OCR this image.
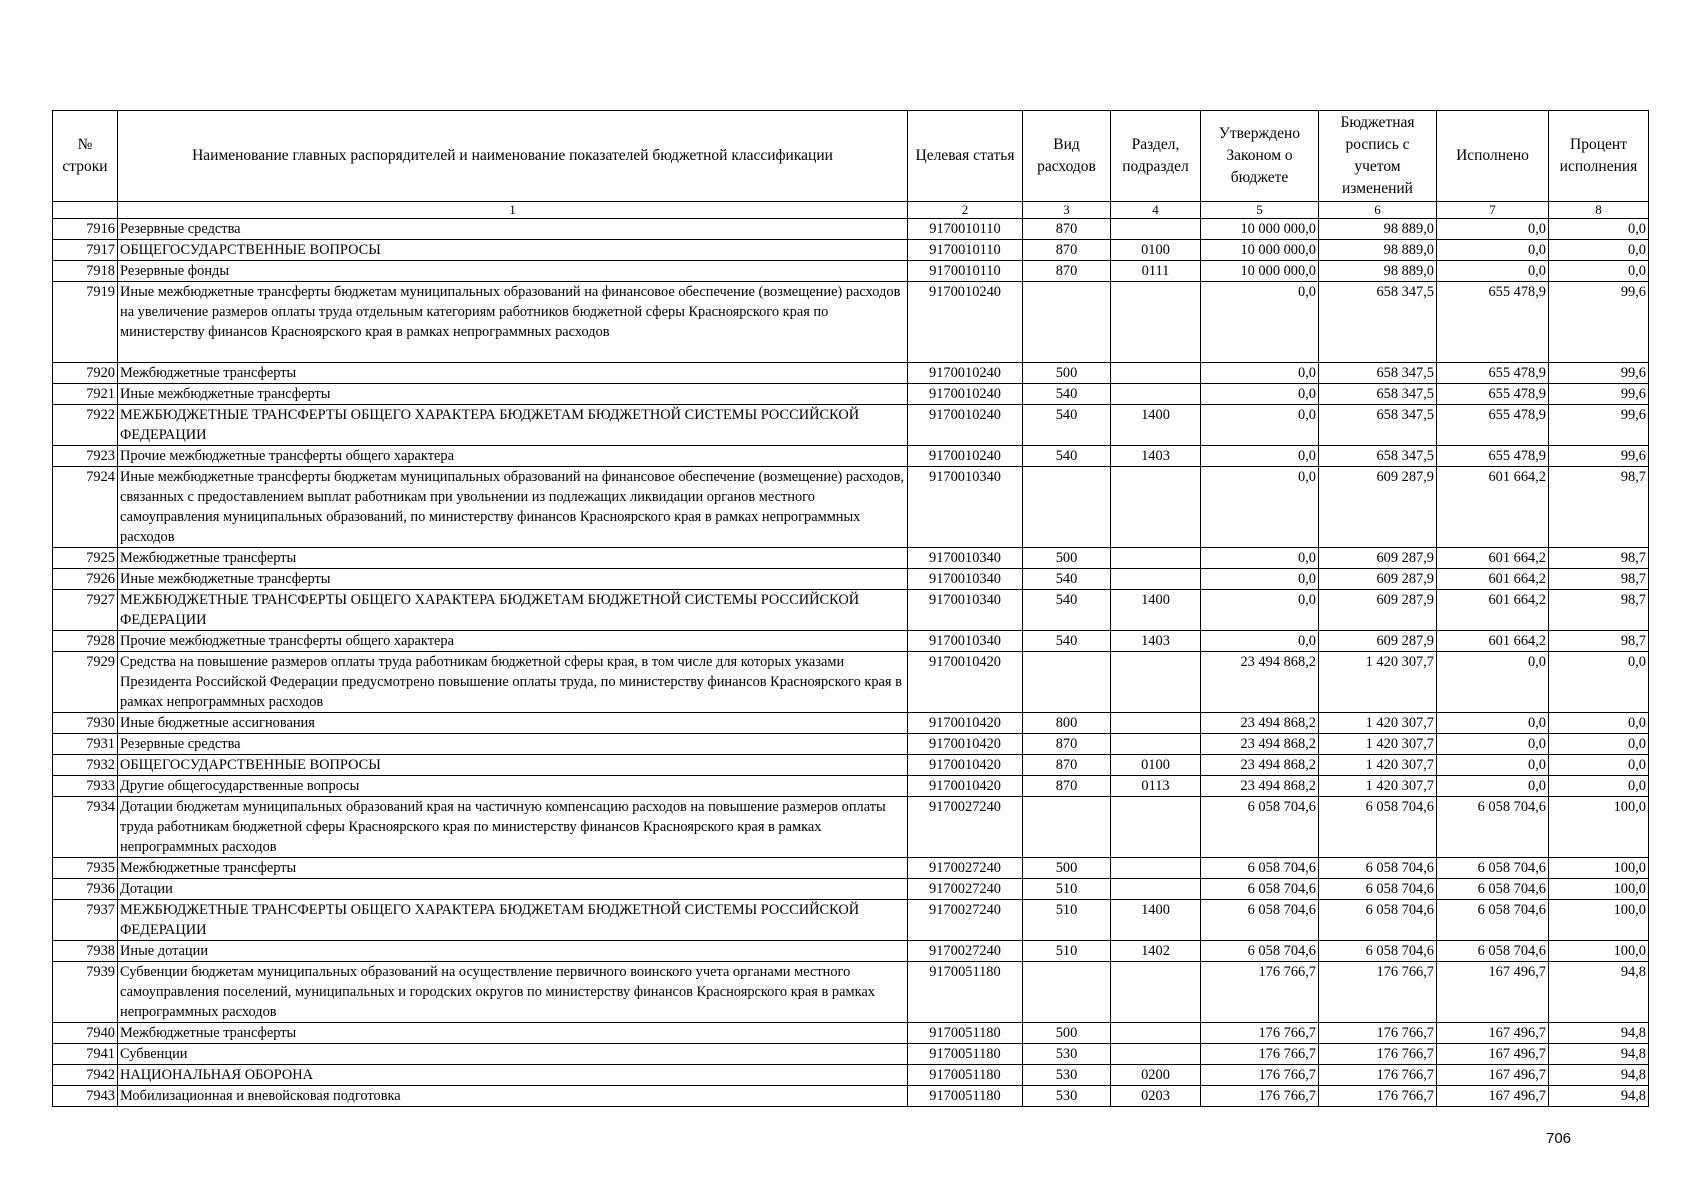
№ строки	Наименование главных распорядителей и наименование показателей бюджетной классификации	Целевая статья	Вид расходов	Раздел, подраздел	Утверждено Законом о бюджете	Бюджетная роспись с учетом изменений	Исполнено	Процент исполнения
	1	2	3	4	5	6	7	8
7916	Резервные средства	9170010110	870		10 000 000,0	98 889,0	0,0	0,0
7917	ОБЩЕГОСУДАРСТВЕННЫЕ ВОПРОСЫ	9170010110	870	0100	10 000 000,0	98 889,0	0,0	0,0
7918	Резервные фонды	9170010110	870	0111	10 000 000,0	98 889,0	0,0	0,0
7919	Иные межбюджетные трансферты бюджетам муниципальных образований на финансовое обеспечение (возмещение) расходов на увеличение размеров оплаты труда отдельным категориям работников бюджетной сферы Красноярского края по министерству финансов Красноярского края в рамках непрограммных расходов	9170010240			0,0	658 347,5	655 478,9	99,6
7920	Межбюджетные трансферты	9170010240	500		0,0	658 347,5	655 478,9	99,6
7921	Иные межбюджетные трансферты	9170010240	540		0,0	658 347,5	655 478,9	99,6
7922	МЕЖБЮДЖЕТНЫЕ ТРАНСФЕРТЫ ОБЩЕГО ХАРАКТЕРА БЮДЖЕТАМ БЮДЖЕТНОЙ СИСТЕМЫ РОССИЙСКОЙ ФЕДЕРАЦИИ	9170010240	540	1400	0,0	658 347,5	655 478,9	99,6
7923	Прочие межбюджетные трансферты общего характера	9170010240	540	1403	0,0	658 347,5	655 478,9	99,6
7924	Иные межбюджетные трансферты бюджетам муниципальных образований на финансовое обеспечение (возмещение) расходов, связанных с предоставлением выплат работникам при увольнении из подлежащих ликвидации органов местного самоуправления муниципальных образований, по министерству финансов Красноярского края в рамках непрограммных расходов	9170010340			0,0	609 287,9	601 664,2	98,7
7925	Межбюджетные трансферты	9170010340	500		0,0	609 287,9	601 664,2	98,7
7926	Иные межбюджетные трансферты	9170010340	540		0,0	609 287,9	601 664,2	98,7
7927	МЕЖБЮДЖЕТНЫЕ ТРАНСФЕРТЫ ОБЩЕГО ХАРАКТЕРА БЮДЖЕТАМ БЮДЖЕТНОЙ СИСТЕМЫ РОССИЙСКОЙ ФЕДЕРАЦИИ	9170010340	540	1400	0,0	609 287,9	601 664,2	98,7
7928	Прочие межбюджетные трансферты общего характера	9170010340	540	1403	0,0	609 287,9	601 664,2	98,7
7929	Средства на повышение размеров оплаты труда работникам бюджетной сферы края, в том числе для которых указами Президента Российской Федерации предусмотрено повышение оплаты труда, по министерству финансов Красноярского края в рамках непрограммных расходов	9170010420			23 494 868,2	1 420 307,7	0,0	0,0
7930	Иные бюджетные ассигнования	9170010420	800		23 494 868,2	1 420 307,7	0,0	0,0
7931	Резервные средства	9170010420	870		23 494 868,2	1 420 307,7	0,0	0,0
7932	ОБЩЕГОСУДАРСТВЕННЫЕ ВОПРОСЫ	9170010420	870	0100	23 494 868,2	1 420 307,7	0,0	0,0
7933	Другие общегосударственные вопросы	9170010420	870	0113	23 494 868,2	1 420 307,7	0,0	0,0
7934	Дотации бюджетам муниципальных образований края на частичную компенсацию расходов на повышение размеров оплаты труда работникам бюджетной сферы Красноярского края по министерству финансов Красноярского края в рамках непрограммных расходов	9170027240			6 058 704,6	6 058 704,6	6 058 704,6	100,0
7935	Межбюджетные трансферты	9170027240	500		6 058 704,6	6 058 704,6	6 058 704,6	100,0
7936	Дотации	9170027240	510		6 058 704,6	6 058 704,6	6 058 704,6	100,0
7937	МЕЖБЮДЖЕТНЫЕ ТРАНСФЕРТЫ ОБЩЕГО ХАРАКТЕРА БЮДЖЕТАМ БЮДЖЕТНОЙ СИСТЕМЫ РОССИЙСКОЙ ФЕДЕРАЦИИ	9170027240	510	1400	6 058 704,6	6 058 704,6	6 058 704,6	100,0
7938	Иные дотации	9170027240	510	1402	6 058 704,6	6 058 704,6	6 058 704,6	100,0
7939	Субвенции бюджетам муниципальных образований на осуществление первичного воинского учета органами местного самоуправления поселений, муниципальных и городских округов по министерству финансов Красноярского края в рамках непрограммных расходов	9170051180			176 766,7	176 766,7	167 496,7	94,8
7940	Межбюджетные трансферты	9170051180	500		176 766,7	176 766,7	167 496,7	94,8
7941	Субвенции	9170051180	530		176 766,7	176 766,7	167 496,7	94,8
7942	НАЦИОНАЛЬНАЯ ОБОРОНА	9170051180	530	0200	176 766,7	176 766,7	167 496,7	94,8
7943	Мобилизационная и вневойсковая подготовка	9170051180	530	0203	176 766,7	176 766,7	167 496,7	94,8
706
